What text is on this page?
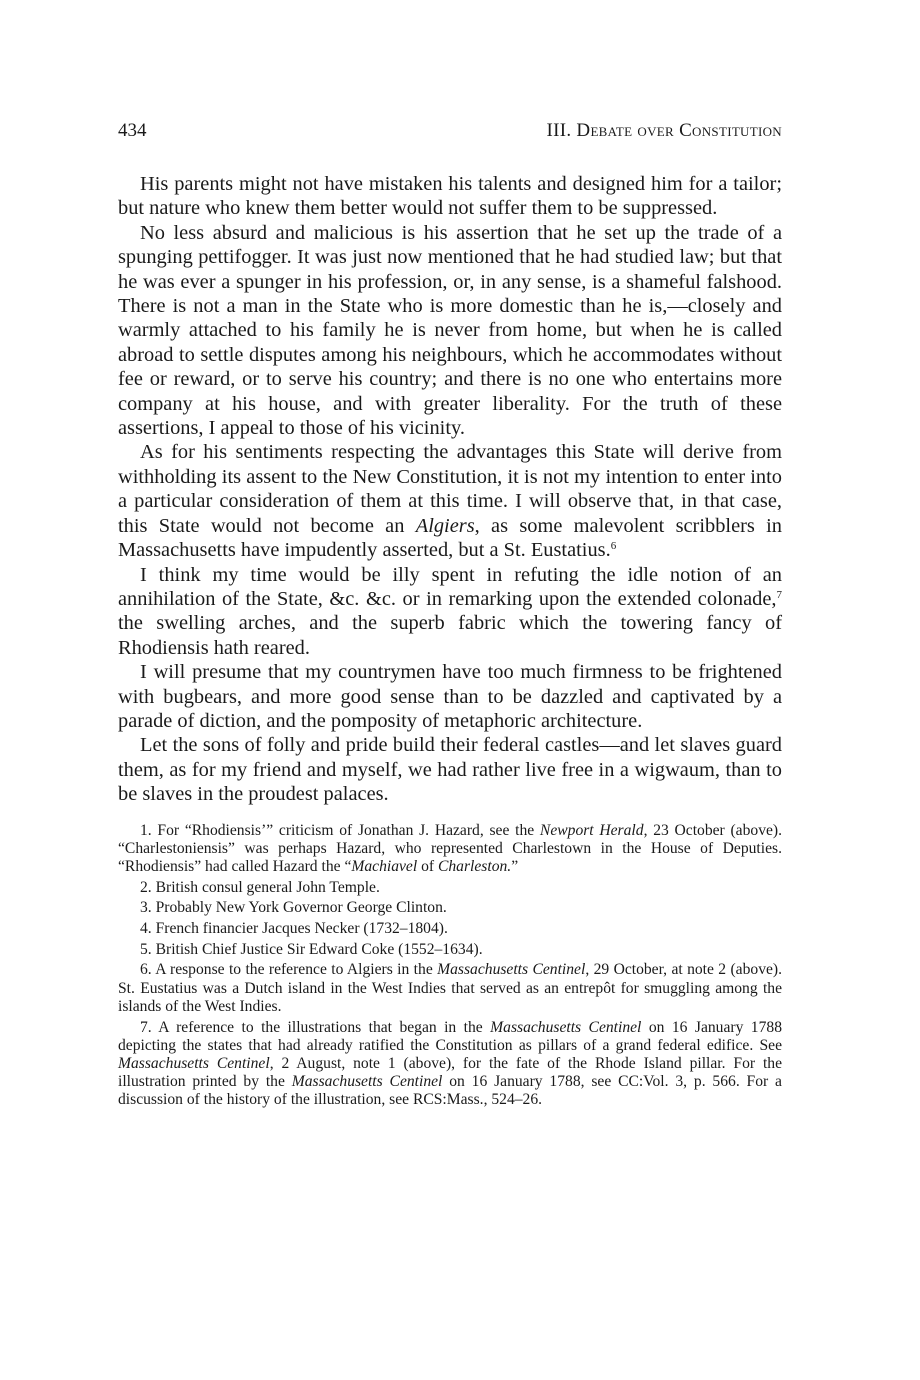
434	III. Debate over Constitution

His parents might not have mistaken his talents and designed him for a tailor; but nature who knew them better would not suffer them to be suppressed.

No less absurd and malicious is his assertion that he set up the trade of a spunging pettifogger. It was just now mentioned that he had studied law; but that he was ever a spunger in his profession, or, in any sense, is a shameful falshood. There is not a man in the State who is more domestic than he is,—closely and warmly attached to his family he is never from home, but when he is called abroad to settle disputes among his neighbours, which he accommodates without fee or reward, or to serve his country; and there is no one who entertains more company at his house, and with greater liberality. For the truth of these assertions, I appeal to those of his vicinity.

As for his sentiments respecting the advantages this State will derive from withholding its assent to the New Constitution, it is not my intention to enter into a particular consideration of them at this time. I will observe that, in that case, this State would not become an Algiers, as some malevolent scribblers in Massachusetts have impudently asserted, but a St. Eustatius.$^6$

I think my time would be illy spent in refuting the idle notion of an annihilation of the State, &c. &c. or in remarking upon the extended colonade,$^7$ the swelling arches, and the superb fabric which the towering fancy of Rhodiensis hath reared.

I will presume that my countrymen have too much firmness to be frightened with bugbears, and more good sense than to be dazzled and captivated by a parade of diction, and the pomposity of metaphoric architecture.

Let the sons of folly and pride build their federal castles—and let slaves guard them, as for my friend and myself, we had rather live free in a wigwaum, than to be slaves in the proudest palaces.

1. For “Rhodiensis’” criticism of Jonathan J. Hazard, see the Newport Herald, 23 October (above). “Charlestoniensis” was perhaps Hazard, who represented Charlestown in the House of Deputies. “Rhodiensis” had called Hazard the “Machiavel of Charleston.”

2. British consul general John Temple.

3. Probably New York Governor George Clinton.

4. French financier Jacques Necker (1732–1804).

5. British Chief Justice Sir Edward Coke (1552–1634).

6. A response to the reference to Algiers in the Massachusetts Centinel, 29 October, at note 2 (above). St. Eustatius was a Dutch island in the West Indies that served as an entrepôt for smuggling among the islands of the West Indies.

7. A reference to the illustrations that began in the Massachusetts Centinel on 16 January 1788 depicting the states that had already ratified the Constitution as pillars of a grand federal edifice. See Massachusetts Centinel, 2 August, note 1 (above), for the fate of the Rhode Island pillar. For the illustration printed by the Massachusetts Centinel on 16 January 1788, see CC:Vol. 3, p. 566. For a discussion of the history of the illustration, see RCS:Mass., 524–26.
